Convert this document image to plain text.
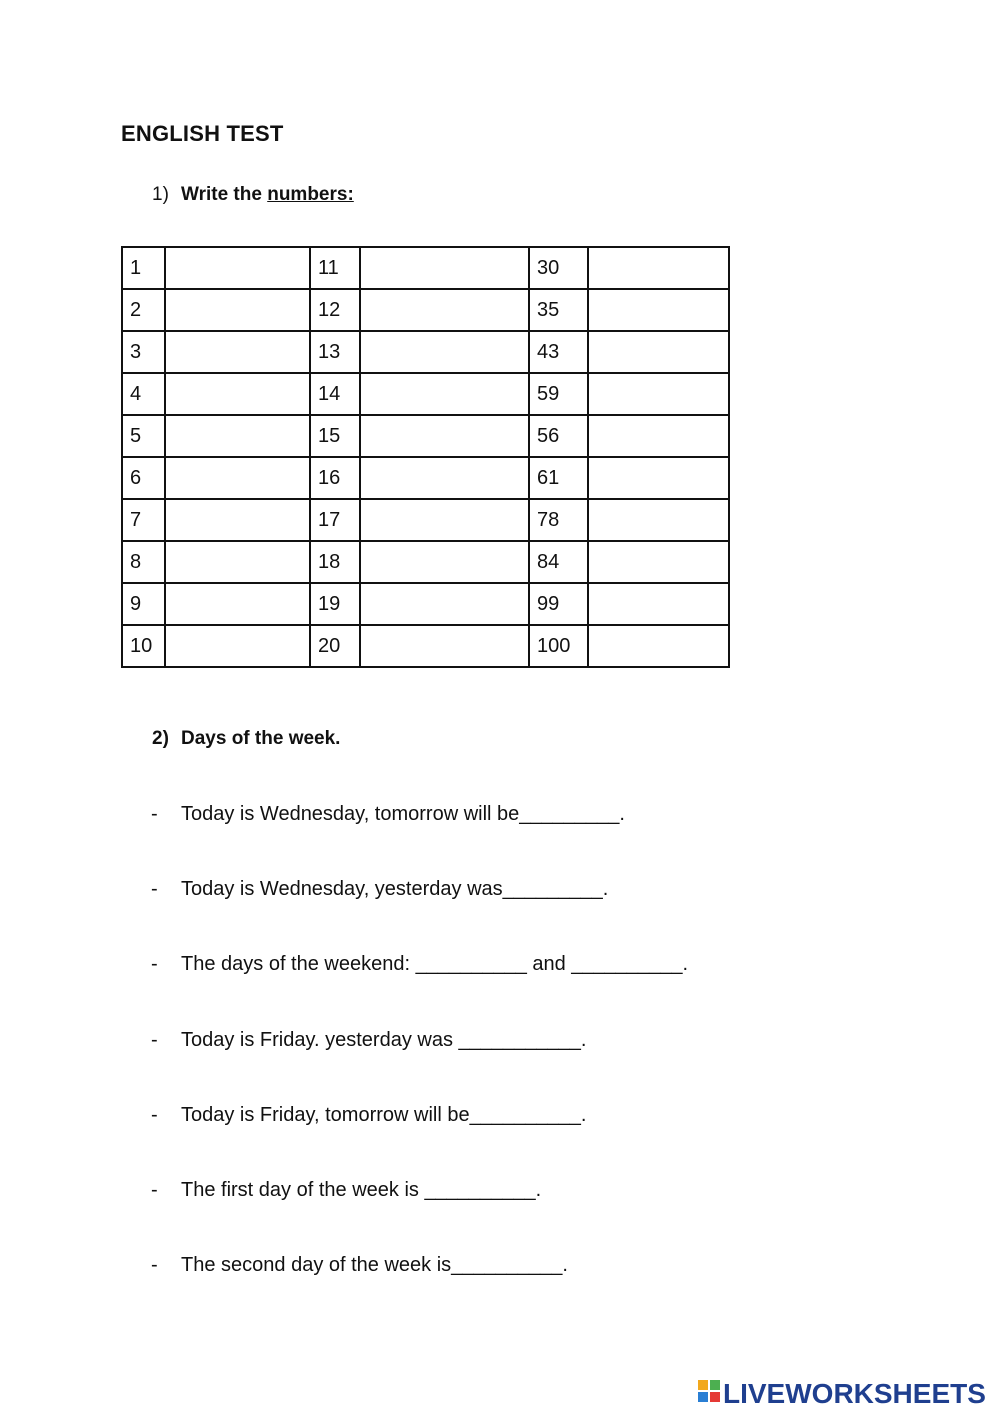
ENGLISH TEST
1) Write the numbers:
1		11		30	
2		12		35	
3		13		43	
4		14		59	
5		15		56	
6		16		61	
7		17		78	
8		18		84	
9		19		99	
10		20		100	
2) Days of the week.
-	Today is Wednesday, tomorrow will be_________.
-	Today is Wednesday, yesterday was_________.
-	The days of the weekend: __________ and __________.
-	Today is Friday. yesterday was ___________.
-	Today is Friday, tomorrow will be__________.
-	The first day of the week is __________.
-	The second day of the week is__________.
LIVEWORKSHEETS
